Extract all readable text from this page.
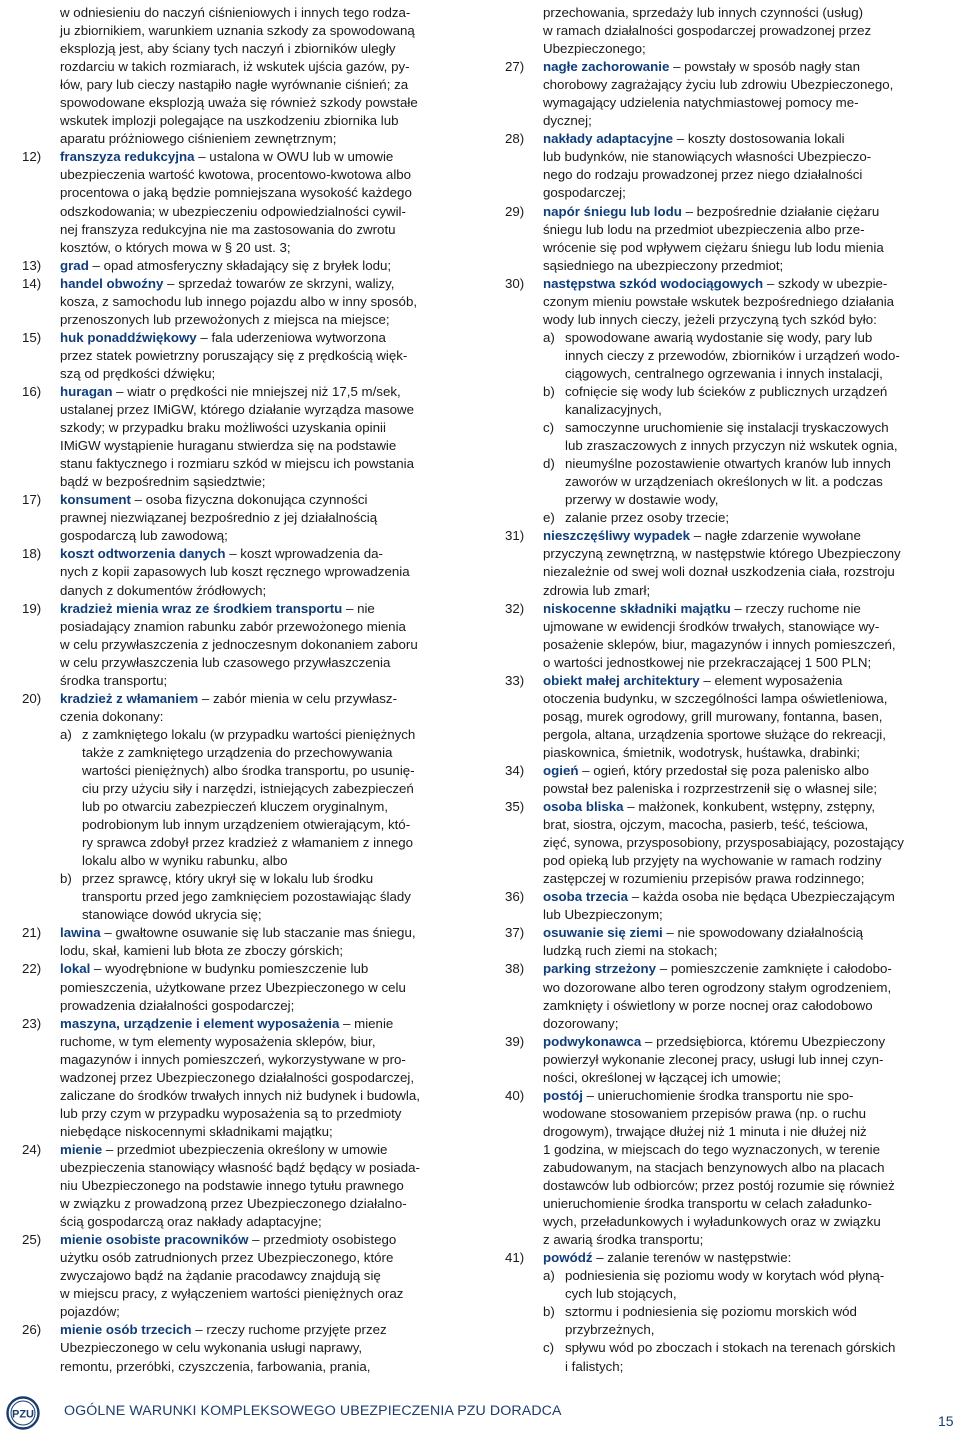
w odniesieniu do naczyń ciśnieniowych i innych tego rodza-
ju zbiornikiem, warunkiem uznania szkody za spowodowaną
eksplozją jest, aby ściany tych naczyń i zbiorników uległy
rozdarciu w takich rozmiarach, iż wskutek ujścia gazów, py-
łów, pary lub cieczy nastąpiło nagłe wyrównanie ciśnień; za
spowodowane eksplozją uważa się również szkody powstałe
wskutek implozji polegające na uszkodzeniu zbiornika lub
aparatu próżniowego ciśnieniem zewnętrznym;
12)	franszyza redukcyjna – ustalona w OWU lub w umowie
ubezpieczenia wartość kwotowa, procentowo-kwotowa albo
procentowa o jaką będzie pomniejszana wysokość każdego
odszkodowania; w ubezpieczeniu odpowiedzialności cywil-
nej franszyza redukcyjna nie ma zastosowania do zwrotu
kosztów, o których mowa w § 20 ust. 3;
13)	grad – opad atmosferyczny składający się z bryłek lodu;
14)	handel obwoźny – sprzedaż towarów ze skrzyni, walizy,
kosza, z samochodu lub innego pojazdu albo w inny sposób,
przenoszonych lub przewożonych z miejsca na miejsce;
15)	huk ponaddźwiękowy – fala uderzeniowa wytworzona
przez statek powietrzny poruszający się z prędkością więk-
szą od prędkości dźwięku;
16)	huragan – wiatr o prędkości nie mniejszej niż 17,5 m/sek,
ustalanej przez IMiGW, którego działanie wyrządza masowe
szkody; w przypadku braku możliwości uzyskania opinii
IMiGW wystąpienie huraganu stwierdza się na podstawie
stanu faktycznego i rozmiaru szkód w miejscu ich powstania
bądź w bezpośrednim sąsiedztwie;
17)	konsument – osoba fizyczna dokonująca czynności
prawnej niezwiązanej bezpośrednio z jej działalnością
gospodarczą lub zawodową;
18)	koszt odtworzenia danych – koszt wprowadzenia da-
nych z kopii zapasowych lub koszt ręcznego wprowadzenia
danych z dokumentów źródłowych;
19)	kradzież mienia wraz ze środkiem transportu – nie
posiadający znamion rabunku zabór przewożonego mienia
w celu przywłaszczenia z jednoczesnym dokonaniem zaboru
w celu przywłaszczenia lub czasowego przywłaszczenia
środka transportu;
20)	kradzież z włamaniem – zabór mienia w celu przywłasz-
czenia dokonany:
a) z zamkniętego lokalu (w przypadku wartości pieniężnych
także z zamkniętego urządzenia do przechowywania
wartości pieniężnych) albo środka transportu, po usunię-
ciu przy użyciu siły i narzędzi, istniejących zabezpieczeń
lub po otwarciu zabezpieczeń kluczem oryginalnym,
podrobionym lub innym urządzeniem otwierającym, któ-
ry sprawca zdobył przez kradzież z włamaniem z innego
lokalu albo w wyniku rabunku, albo
b) przez sprawcę, który ukrył się w lokalu lub środku
transportu przed jego zamknięciem pozostawiając ślady
stanowiące dowód ukrycia się;
21)	lawina – gwałtowne osuwanie się lub staczanie mas śniegu,
lodu, skał, kamieni lub błota ze zboczy górskich;
22)	lokal – wyodrębnione w budynku pomieszczenie lub
pomieszczenia, użytkowane przez Ubezpieczonego w celu
prowadzenia działalności gospodarczej;
23)	maszyna, urządzenie i element wyposażenia – mienie
ruchome, w tym elementy wyposażenia sklepów, biur,
magazynów i innych pomieszczeń, wykorzystywane w pro-
wadzonej przez Ubezpieczonego działalności gospodarczej,
zaliczane do środków trwałych innych niż budynek i budowla,
lub przy czym w przypadku wyposażenia są to przedmioty
niebędące niskocennymi składnikami majątku;
24)	mienie – przedmiot ubezpieczenia określony w umowie
ubezpieczenia stanowiący własność bądź będący w posiada-
niu Ubezpieczonego na podstawie innego tytułu prawnego
w związku z prowadzoną przez Ubezpieczonego działalno-
ścią gospodarczą oraz nakłady adaptacyjne;
25)	mienie osobiste pracowników – przedmioty osobistego
użytku osób zatrudnionych przez Ubezpieczonego, które
zwyczajowo bądź na żądanie pracodawcy znajdują się
w miejscu pracy, z wyłączeniem wartości pieniężnych oraz
pojazdów;
26)	mienie osób trzecich – rzeczy ruchome przyjęte przez
Ubezpieczonego w celu wykonania usługi naprawy,
remontu, przeróbki, czyszczenia, farbowania, prania,
przechowania, sprzedaży lub innych czynności (usług)
w ramach działalności gospodarczej prowadzonej przez
Ubezpieczonego;
27)	nagłe zachorowanie – powstały w sposób nagły stan
chorobowy zagrażający życiu lub zdrowiu Ubezpieczonego,
wymagający udzielenia natychmiastowej pomocy me-
dycznej;
28)	nakłady adaptacyjne – koszty dostosowania lokali
lub budynków, nie stanowiących własności Ubezpieczo-
nego do rodzaju prowadzonej przez niego działalności
gospodarczej;
29)	napór śniegu lub lodu – bezpośrednie działanie ciężaru
śniegu lub lodu na przedmiot ubezpieczenia albo prze-
wrócenie się pod wpływem ciężaru śniegu lub lodu mienia
sąsiedniego na ubezpieczony przedmiot;
30)	następstwa szkód wodociągowych – szkody w ubezpie-
czonym mieniu powstałe wskutek bezpośredniego działania
wody lub innych cieczy, jeżeli przyczyną tych szkód było:
a) spowodowane awarią wydostanie się wody, pary lub
innych cieczy z przewodów, zbiorników i urządzeń wodo-
ciągowych, centralnego ogrzewania i innych instalacji,
b) cofnięcie się wody lub ścieków z publicznych urządzeń
kanalizacyjnych,
c) samoczynne uruchomienie się instalacji tryskaczowych
lub zraszaczowych z innych przyczyn niż wskutek ognia,
d) nieumyślne pozostawienie otwartych kranów lub innych
zaworów w urządzeniach określonych w lit. a podczas
przerwy w dostawie wody,
e) zalanie przez osoby trzecie;
31)	nieszczęśliwy wypadek – nagłe zdarzenie wywołane
przyczyną zewnętrzną, w następstwie którego Ubezpieczony
niezależnie od swej woli doznał uszkodzenia ciała, rozstroju
zdrowia lub zmarł;
32)	niskocenne składniki majątku – rzeczy ruchome nie
ujmowane w ewidencji środków trwałych, stanowiące wy-
posażenie sklepów, biur, magazynów i innych pomieszczeń,
o wartości jednostkowej nie przekraczającej 1 500 PLN;
33)	obiekt małej architektury – element wyposażenia
otoczenia budynku, w szczególności lampa oświetleniowa,
posąg, murek ogrodowy, grill murowany, fontanna, basen,
pergola, altana, urządzenia sportowe służące do rekreacji,
piaskownica, śmietnik, wodotrysk, huśtawka, drabinki;
34)	ogień – ogień, który przedostał się poza palenisko albo
powstał bez paleniska i rozprzestrzenił się o własnej sile;
35)	osoba bliska – małżonek, konkubent, wstępny, zstępny,
brat, siostra, ojczym, macocha, pasierb, teść, teściowa,
zięć, synowa, przysposobiony, przysposabiający, pozostający
pod opieką lub przyjęty na wychowanie w ramach rodziny
zastępczej w rozumieniu przepisów prawa rodzinnego;
36)	osoba trzecia – każda osoba nie będąca Ubezpieczającym
lub Ubezpieczonym;
37)	osuwanie się ziemi – nie spowodowany działalnością
ludzką ruch ziemi na stokach;
38)	parking strzeżony – pomieszczenie zamknięte i całodobo-
wo dozorowane albo teren ogrodzony stałym ogrodzeniem,
zamknięty i oświetlony w porze nocnej oraz całodobowo
dozorowany;
39)	podwykonawca – przedsiębiorca, któremu Ubezpieczony
powierzył wykonanie zleconej pracy, usługi lub innej czyn-
ności, określonej w łączącej ich umowie;
40)	postój – unieruchomienie środka transportu nie spo-
wodowane stosowaniem przepisów prawa (np. o ruchu
drogowym), trwające dłużej niż 1 minuta i nie dłużej niż
1 godzina, w miejscach do tego wyznaczonych, w terenie
zabudowanym, na stacjach benzynowych albo na placach
dostawców lub odbiorców; przez postój rozumie się również
unieruchomienie środka transportu w celach załadunko-
wych, przeładunkowych i wyładunkowych oraz w związku
z awarią środka transportu;
41)	powódź – zalanie terenów w następstwie:
a) podniesienia się poziomu wody w korytach wód płyną-
cych lub stojących,
b) sztormu i podniesienia się poziomu morskich wód
przybrzeżnych,
c) spływu wód po zboczach i stokach na terenach górskich
i falistych;
PZU OGÓLNE WARUNKI KOMPLEKSOWEGO UBEZPIECZENIA PZU DORADCA
15
